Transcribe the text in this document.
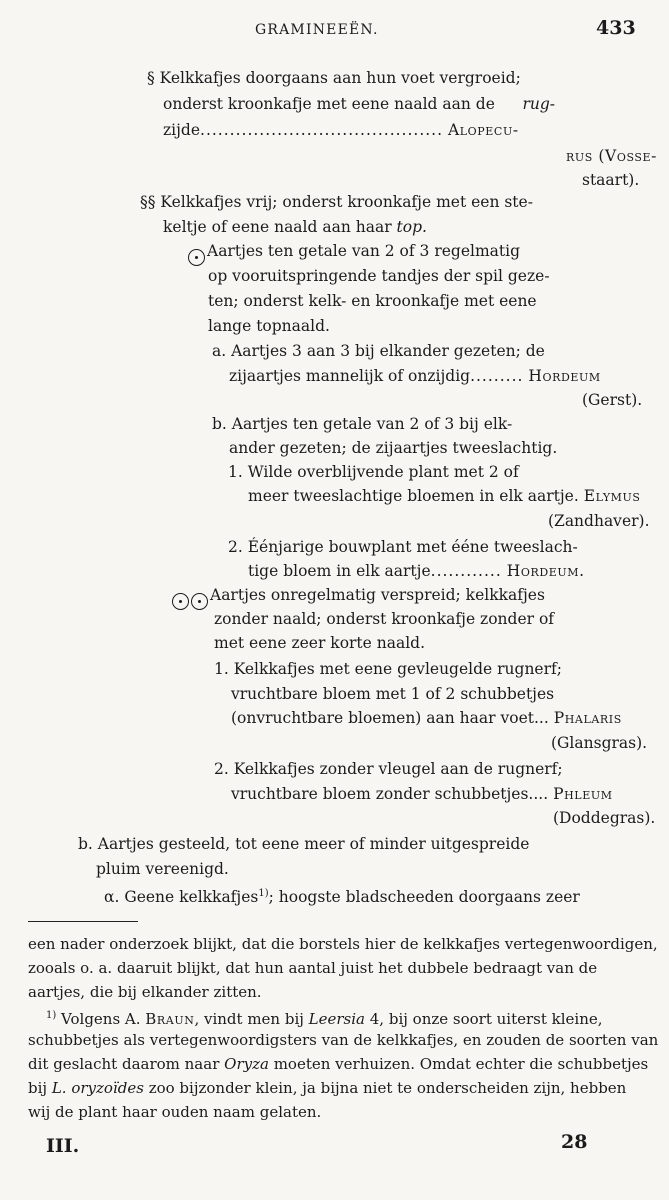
GRAMINEEËN.	433
§ Kelkkafjes doorgaans aan hun voet vergroeid;
onderst kroonkafje met eene naald aan de rug-
zijde......................................... Alopecu-
rus (Vosse-
staart).
§§ Kelkkafjes vrij; onderst kroonkafje met een ste-
keltje of eene naald aan haar top.
Aartjes ten getale van 2 of 3 regelmatig
op vooruitspringende tandjes der spil geze-
ten; onderst kelk- en kroonkafje met eene
lange topnaald.
a. Aartjes 3 aan 3 bij elkander gezeten; de
zijaartjes mannelijk of onzijdig......... Hordeum
(Gerst).
b. Aartjes ten getale van 2 of 3 bij elk-
ander gezeten; de zijaartjes tweeslachtig.
1. Wilde overblijvende plant met 2 of
meer tweeslachtige bloemen in elk aartje. Elymus
(Zandhaver).
2. Éénjarige bouwplant met ééne tweeslach-
tige bloem in elk aartje............ Hordeum.
Aartjes onregelmatig verspreid; kelkkafjes
zonder naald; onderst kroonkafje zonder of
met eene zeer korte naald.
1. Kelkkafjes met eene gevleugelde rugnerf;
vruchtbare bloem met 1 of 2 schubbetjes
(onvruchtbare bloemen) aan haar voet... Phalaris
(Glansgras).
2. Kelkkafjes zonder vleugel aan de rugnerf;
vruchtbare bloem zonder schubbetjes.... Phleum
(Doddegras).
b. Aartjes gesteeld, tot eene meer of minder uitgespreide
pluim vereenigd.
α. Geene kelkkafjes$^{1)}$; hoogste bladscheeden doorgaans zeer
een nader onderzoek blijkt, dat die borstels hier de kelkkafjes vertegenwoordigen,
zooals o. a. daaruit blijkt, dat hun aantal juist het dubbele bedraagt van de
aartjes, die bij elkander zitten.
$^{1)}$ Volgens A. Braun, vindt men bij Leersia 4, bij onze soort uiterst kleine,
schubbetjes als vertegenwoordigsters van de kelkkafjes, en zouden de soorten van
dit geslacht daarom naar Oryza moeten verhuizen. Omdat echter die schubbetjes
bij L. oryzoïdes zoo bijzonder klein, ja bijna niet te onderscheiden zijn, hebben
wij de plant haar ouden naam gelaten.
III.	28
